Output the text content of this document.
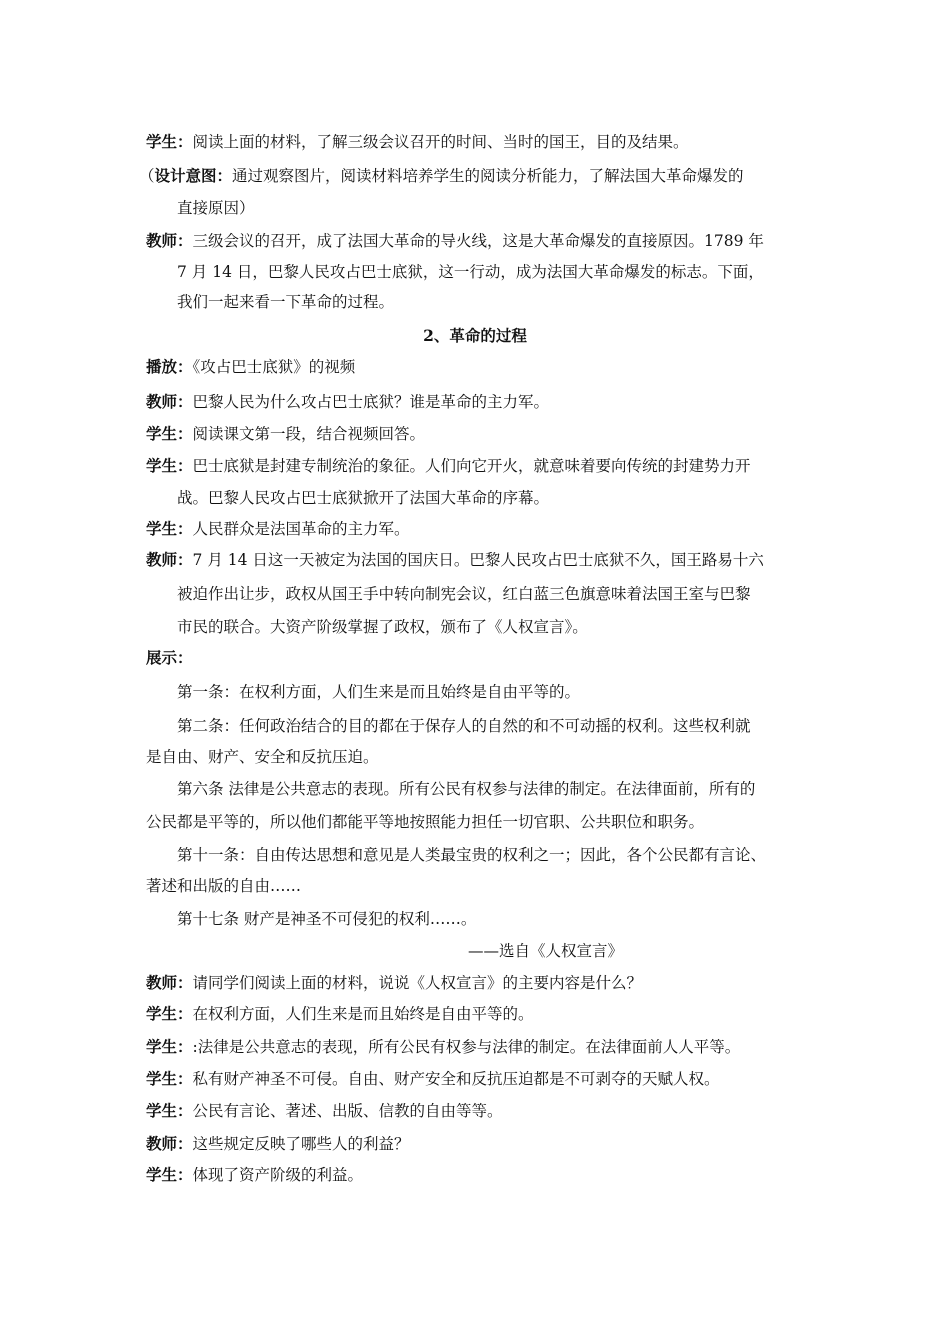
学生：阅读上面的材料，了解三级会议召开的时间、当时的国王，目的及结果。
（设计意图：通过观察图片，阅读材料培养学生的阅读分析能力，了解法国大革命爆发的
直接原因）
教师：三级会议的召开，成了法国大革命的导火线，这是大革命爆发的直接原因。1789 年
7 月 14 日，巴黎人民攻占巴士底狱，这一行动，成为法国大革命爆发的标志。下面，
我们一起来看一下革命的过程。
2、革命的过程
播放：《攻占巴士底狱》的视频
教师：巴黎人民为什么攻占巴士底狱？谁是革命的主力军。
学生：阅读课文第一段，结合视频回答。
学生：巴士底狱是封建专制统治的象征。人们向它开火，就意味着要向传统的封建势力开
战。巴黎人民攻占巴士底狱掀开了法国大革命的序幕。
学生：人民群众是法国革命的主力军。
教师：7 月 14 日这一天被定为法国的国庆日。巴黎人民攻占巴士底狱不久，国王路易十六
被迫作出让步，政权从国王手中转向制宪会议，红白蓝三色旗意味着法国王室与巴黎
市民的联合。大资产阶级掌握了政权，颁布了《人权宣言》。
展示：
第一条：在权利方面，人们生来是而且始终是自由平等的。
第二条：任何政治结合的目的都在于保存人的自然的和不可动摇的权利。这些权利就
是自由、财产、安全和反抗压迫。
第六条 法律是公共意志的表现。所有公民有权参与法律的制定。在法律面前，所有的
公民都是平等的，所以他们都能平等地按照能力担任一切官职、公共职位和职务。
第十一条：自由传达思想和意见是人类最宝贵的权利之一；因此，各个公民都有言论、
著述和出版的自由……
第十七条 财产是神圣不可侵犯的权利……。
——选自《人权宣言》
教师：请同学们阅读上面的材料，说说《人权宣言》的主要内容是什么？
学生：在权利方面，人们生来是而且始终是自由平等的。
学生：:法律是公共意志的表现，所有公民有权参与法律的制定。在法律面前人人平等。
学生：私有财产神圣不可侵。自由、财产安全和反抗压迫都是不可剥夺的天赋人权。
学生：公民有言论、著述、出版、信教的自由等等。
教师：这些规定反映了哪些人的利益？
学生：体现了资产阶级的利益。
